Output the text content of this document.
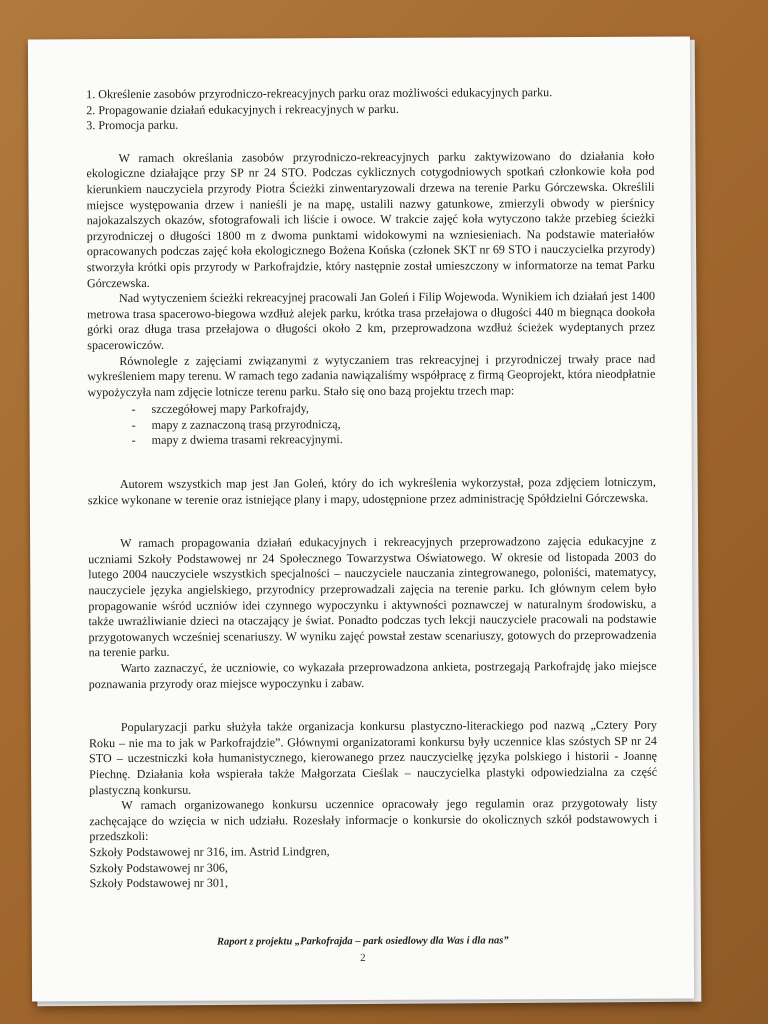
1. Określenie zasobów przyrodniczo-rekreacyjnych parku oraz możliwości edukacyjnych parku.
2. Propagowanie działań edukacyjnych i rekreacyjnych w parku.
3. Promocja parku.

W ramach określania zasobów przyrodniczo-rekreacyjnych parku zaktywizowano do działania koło ekologiczne działające przy SP nr 24 STO. Podczas cyklicznych cotygodniowych spotkań członkowie koła pod kierunkiem nauczyciela przyrody Piotra Ścieżki zinwentaryzowali drzewa na terenie Parku Górczewska. Określili miejsce występowania drzew i nanieśli je na mapę, ustalili nazwy gatunkowe, zmierzyli obwody w pierśnicy najokazalszych okazów, sfotografowali ich liście i owoce. W trakcie zajęć koła wytyczono także przebieg ścieżki przyrodniczej o długości 1800 m z dwoma punktami widokowymi na wzniesieniach. Na podstawie materiałów opracowanych podczas zajęć koła ekologicznego Bożena Końska (członek SKT nr 69 STO i nauczycielka przyrody) stworzyła krótki opis przyrody w Parkofrajdzie, który następnie został umieszczony w informatorze na temat Parku Górczewska.

Nad wytyczeniem ścieżki rekreacyjnej pracowali Jan Goleń i Filip Wojewoda. Wynikiem ich działań jest 1400 metrowa trasa spacerowo-biegowa wzdłuż alejek parku, krótka trasa przełajowa o długości 440 m biegnąca dookoła górki oraz długa trasa przełajowa o długości około 2 km, przeprowadzona wzdłuż ścieżek wydeptanych przez spacerowiczów.

Równolegle z zajęciami związanymi z wytyczaniem tras rekreacyjnej i przyrodniczej trwały prace nad wykreśleniem mapy terenu. W ramach tego zadania nawiązaliśmy współpracę z firmą Geoprojekt, która nieodpłatnie wypożyczyła nam zdjęcie lotnicze terenu parku. Stało się ono bazą projektu trzech map:

- szczegółowej mapy Parkofrajdy,
- mapy z zaznaczoną trasą przyrodniczą,
- mapy z dwiema trasami rekreacyjnymi.

Autorem wszystkich map jest Jan Goleń, który do ich wykreślenia wykorzystał, poza zdjęciem lotniczym, szkice wykonane w terenie oraz istniejące plany i mapy, udostępnione przez administrację Spółdzielni Górczewska.

W ramach propagowania działań edukacyjnych i rekreacyjnych przeprowadzono zajęcia edukacyjne z uczniami Szkoły Podstawowej nr 24 Społecznego Towarzystwa Oświatowego. W okresie od listopada 2003 do lutego 2004 nauczyciele wszystkich specjalności – nauczyciele nauczania zintegrowanego, poloniści, matematycy, nauczyciele języka angielskiego, przyrodnicy przeprowadzali zajęcia na terenie parku. Ich głównym celem było propagowanie wśród uczniów idei czynnego wypoczynku i aktywności poznawczej w naturalnym środowisku, a także uwrażliwianie dzieci na otaczający je świat. Ponadto podczas tych lekcji nauczyciele pracowali na podstawie przygotowanych wcześniej scenariuszy. W wyniku zajęć powstał zestaw scenariuszy, gotowych do przeprowadzenia na terenie parku.

Warto zaznaczyć, że uczniowie, co wykazała przeprowadzona ankieta, postrzegają Parkofrajdę jako miejsce poznawania przyrody oraz miejsce wypoczynku i zabaw.

Popularyzacji parku służyła także organizacja konkursu plastyczno-literackiego pod nazwą „Cztery Pory Roku – nie ma to jak w Parkofrajdzie”. Głównymi organizatorami konkursu były uczennice klas szóstych SP nr 24 STO – uczestniczki koła humanistycznego, kierowanego przez nauczycielkę języka polskiego i historii - Joannę Piechnę. Działania koła wspierała także Małgorzata Cieślak – nauczycielka plastyki odpowiedzialna za część plastyczną konkursu.

W ramach organizowanego konkursu uczennice opracowały jego regulamin oraz przygotowały listy zachęcające do wzięcia w nich udziału. Rozesłały informacje o konkursie do okolicznych szkół podstawowych i przedszkoli:

Szkoły Podstawowej nr 316, im. Astrid Lindgren,

Szkoły Podstawowej nr 306,

Szkoły Podstawowej nr 301,

Raport z projektu „Parkofrajda – park osiedlowy dla Was i dla nas”
2
